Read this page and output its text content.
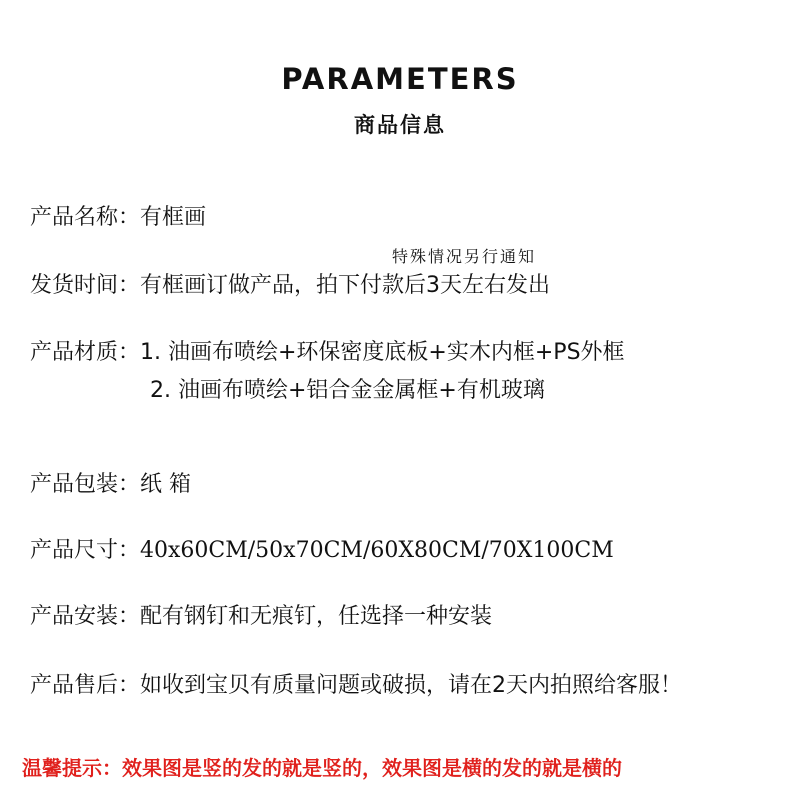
PARAMETERS
商品信息
产品名称：有框画
特殊情况另行通知
发货时间：有框画订做产品，拍下付款后3天左右发出
产品材质：1. 油画布喷绘+环保密度底板+实木内框+PS外框
2. 油画布喷绘+铝合金金属框+有机玻璃
产品包装：纸 箱
产品尺寸：40x60CM/50x70CM/60X80CM/70X100CM
产品安装：配有钢钉和无痕钉，任选择一种安装
产品售后：如收到宝贝有质量问题或破损，请在2天内拍照给客服！
温馨提示：效果图是竖的发的就是竖的，效果图是横的发的就是横的
